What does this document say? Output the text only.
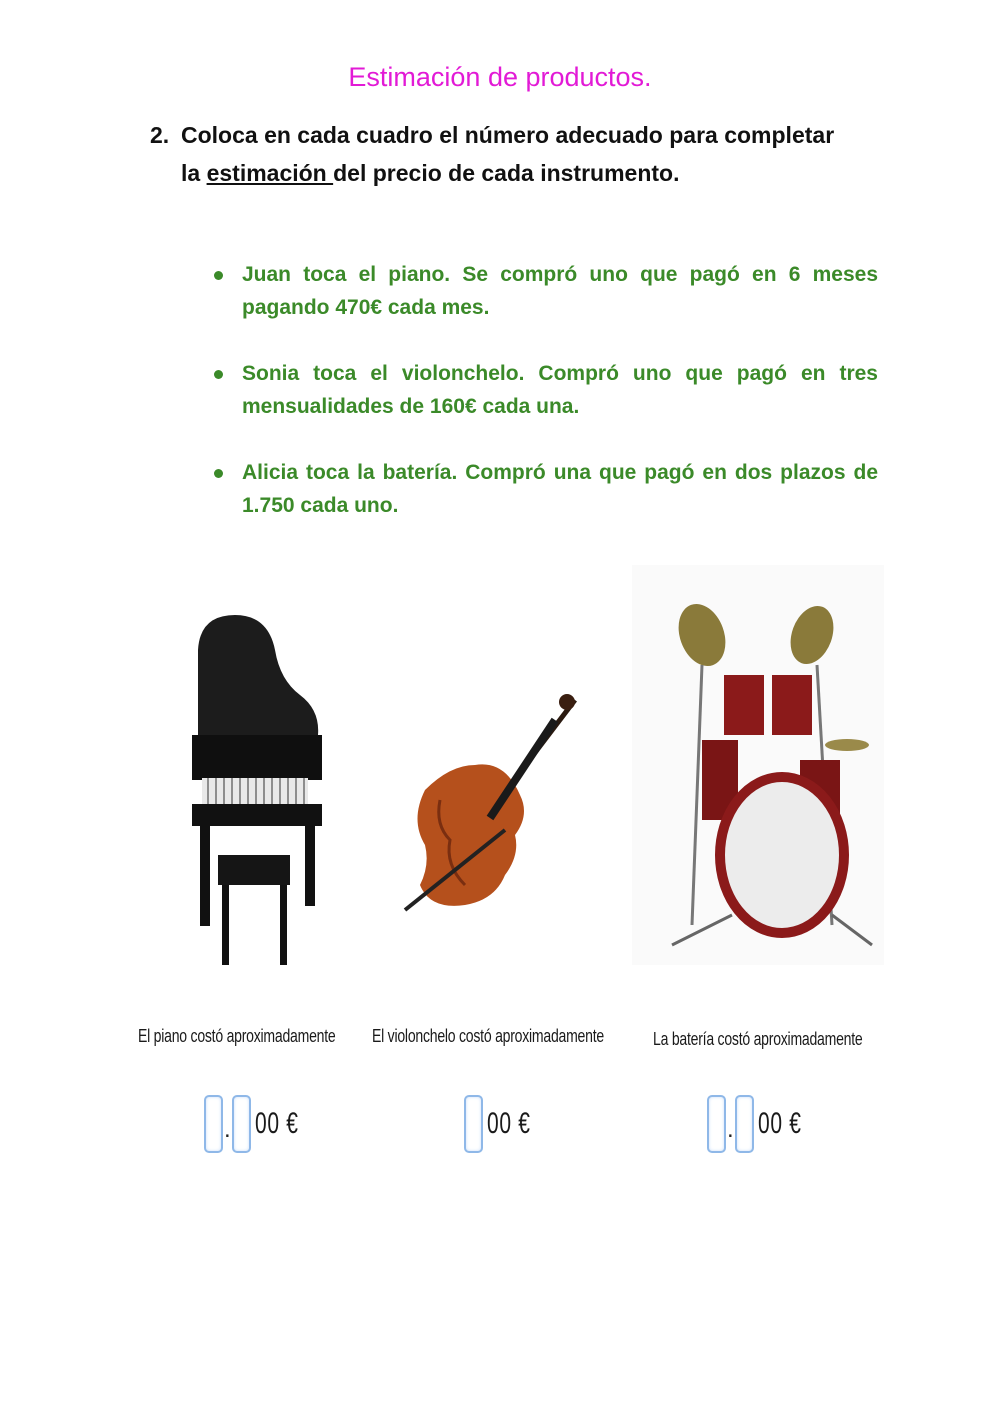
Estimación de productos.
2. Coloca en cada cuadro el número adecuado para completar la estimación del precio de cada instrumento.
Juan toca el piano. Se compró uno que pagó en 6 meses pagando 470€ cada mes.
Sonia toca el violonchelo. Compró uno que pagó en tres mensualidades de 160€ cada una.
Alicia toca la batería. Compró una que pagó en dos plazos de 1.750 cada uno.
El piano costó aproximadamente El violonchelo costó aproximadamente	La batería costó aproximadamente
. 00 €	00 €	. 00 €
